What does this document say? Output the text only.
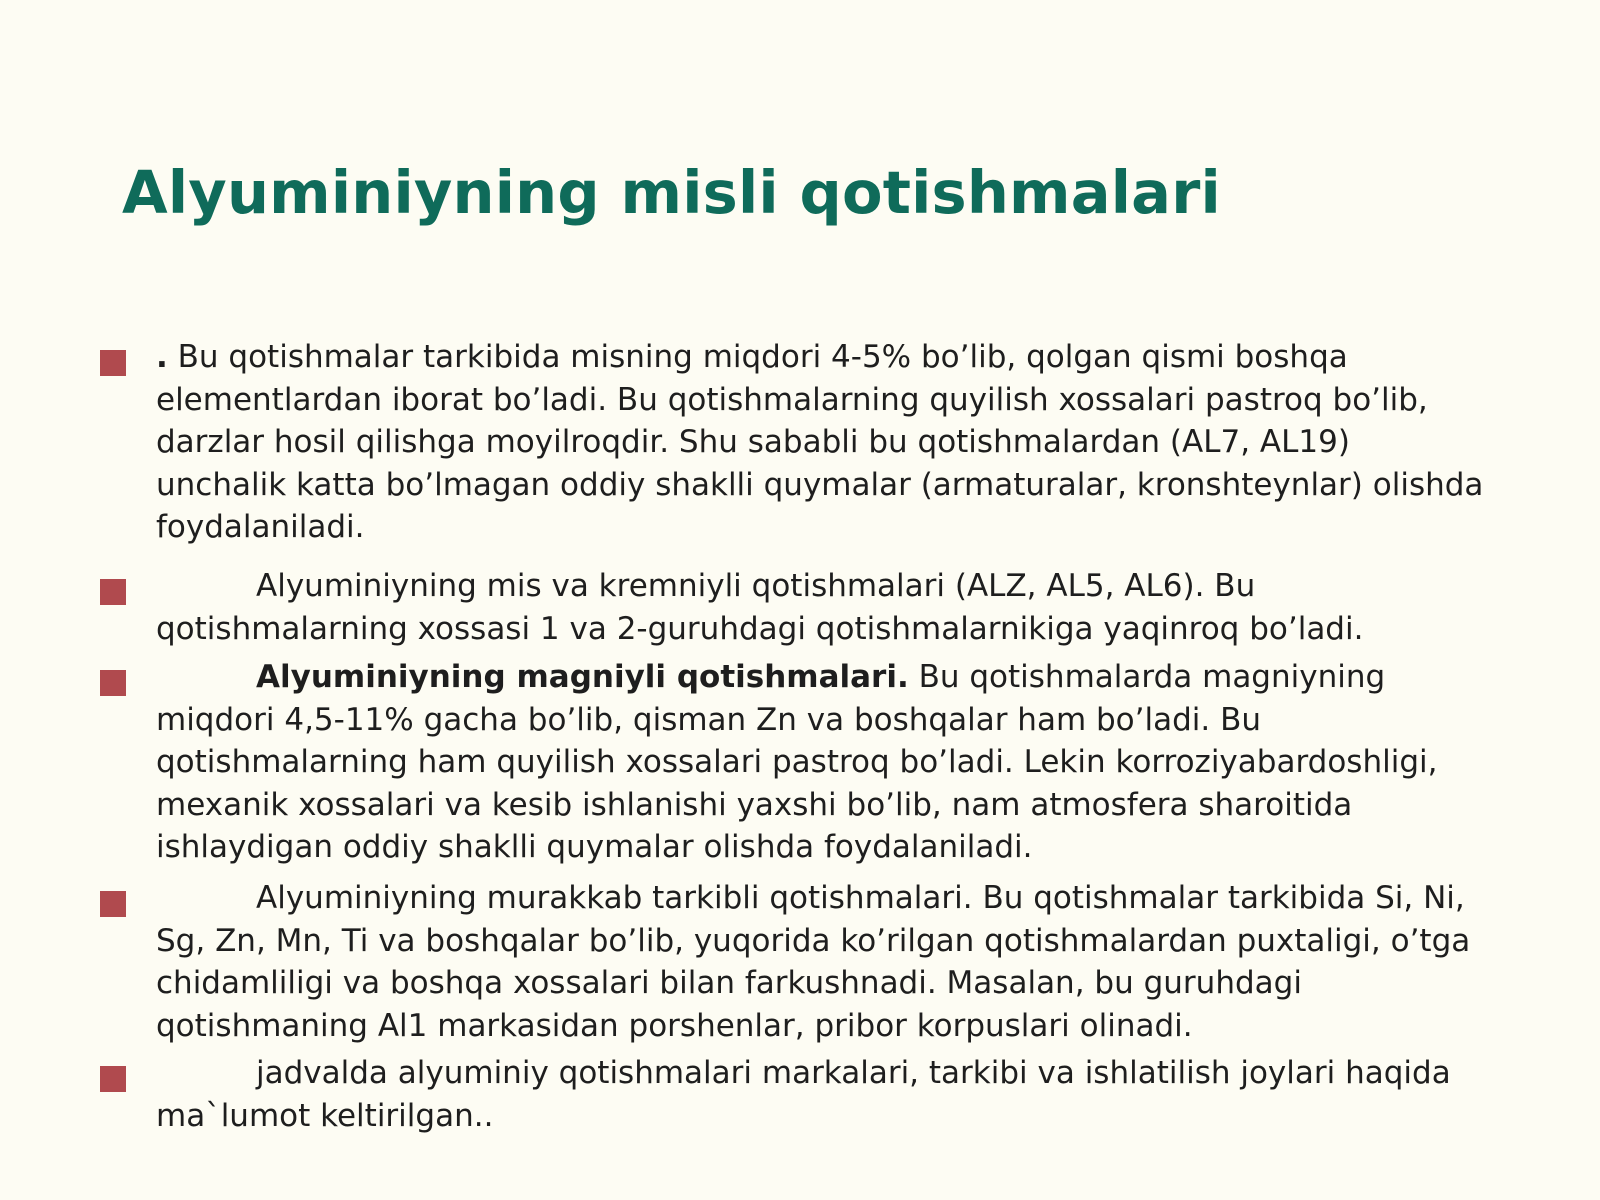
Alyuminiyning misli qotishmalari
. Bu qotishmalar tarkibida misning miqdori 4-5% bo’lib, qolgan qismi boshqa
elementlardan iborat bo’ladi. Bu qotishmalarning quyilish xossalari pastroq bo’lib,
darzlar hosil qilishga moyilroqdir. Shu sababli bu qotishmalardan (AL7, AL19)
unchalik katta bo’lmagan oddiy shaklli quymalar (armaturalar, kronshteynlar) olishda
foydalaniladi.
Alyuminiyning mis va kremniyli qotishmalari (ALZ, AL5, AL6). Bu
qotishmalarning xossasi 1 va 2-guruhdagi qotishmalarnikiga yaqinroq bo’ladi.
Alyuminiyning magniyli qotishmalari. Bu qotishmalarda magniyning
miqdori 4,5-11% gacha bo’lib, qisman Zn va boshqalar ham bo’ladi. Bu
qotishmalarning ham quyilish xossalari pastroq bo’ladi. Lekin korroziyabardoshligi,
mexanik xossalari va kesib ishlanishi yaxshi bo’lib, nam atmosfera sharoitida
ishlaydigan oddiy shaklli quymalar olishda foydalaniladi.
Alyuminiyning murakkab tarkibli qotishmalari. Bu qotishmalar tarkibida Si, Ni,
Sg, Zn, Mn, Ti va boshqalar bo’lib, yuqorida ko’rilgan qotishmalardan puxtaligi, o’tga
chidamliligi va boshqa xossalari bilan farkushnadi. Masalan, bu guruhdagi
qotishmaning Al1 markasidan porshenlar, pribor korpuslari olinadi.
jadvalda alyuminiy qotishmalari markalari, tarkibi va ishlatilish joylari haqida
ma`lumot keltirilgan..
